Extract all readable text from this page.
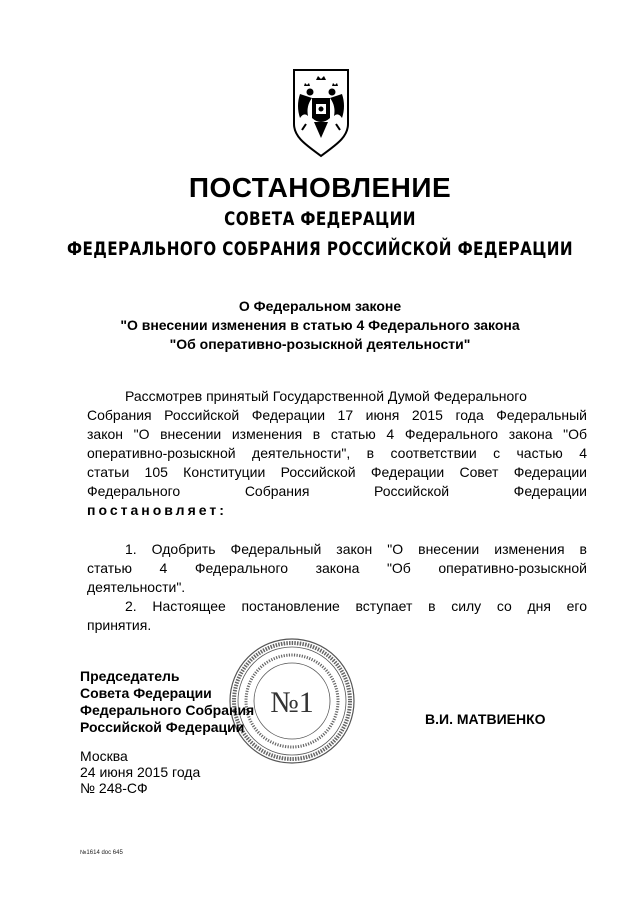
ПОСТАНОВЛЕНИЕ
СОВЕТА ФЕДЕРАЦИИ
ФЕДЕРАЛЬНОГО СОБРАНИЯ РОССИЙСКОЙ ФЕДЕРАЦИИ
О Федеральном законе
"О внесении изменения в статью 4 Федерального закона
"Об оперативно-розыскной деятельности"
Рассмотрев принятый Государственной Думой Федерального
Собрания Российской Федерации 17 июня 2015 года Федеральный
закон "О внесении изменения в статью 4 Федерального закона "Об
оперативно-розыскной деятельности", в соответствии с частью 4
статьи 105 Конституции Российской Федерации Совет Федерации
Федерального Собрания Российской Федерации
постановляет:
1. Одобрить Федеральный закон "О внесении изменения в
статью 4 Федерального закона "Об оперативно-розыскной
деятельности".
2. Настоящее постановление вступает в силу со дня его
принятия.
№1
Председатель
Совета Федерации
Федерального Собрания
Российской Федерации	В.И. МАТВИЕНКО
Москва
24 июня 2015 года
№ 248-СФ
№1614 doc 645
